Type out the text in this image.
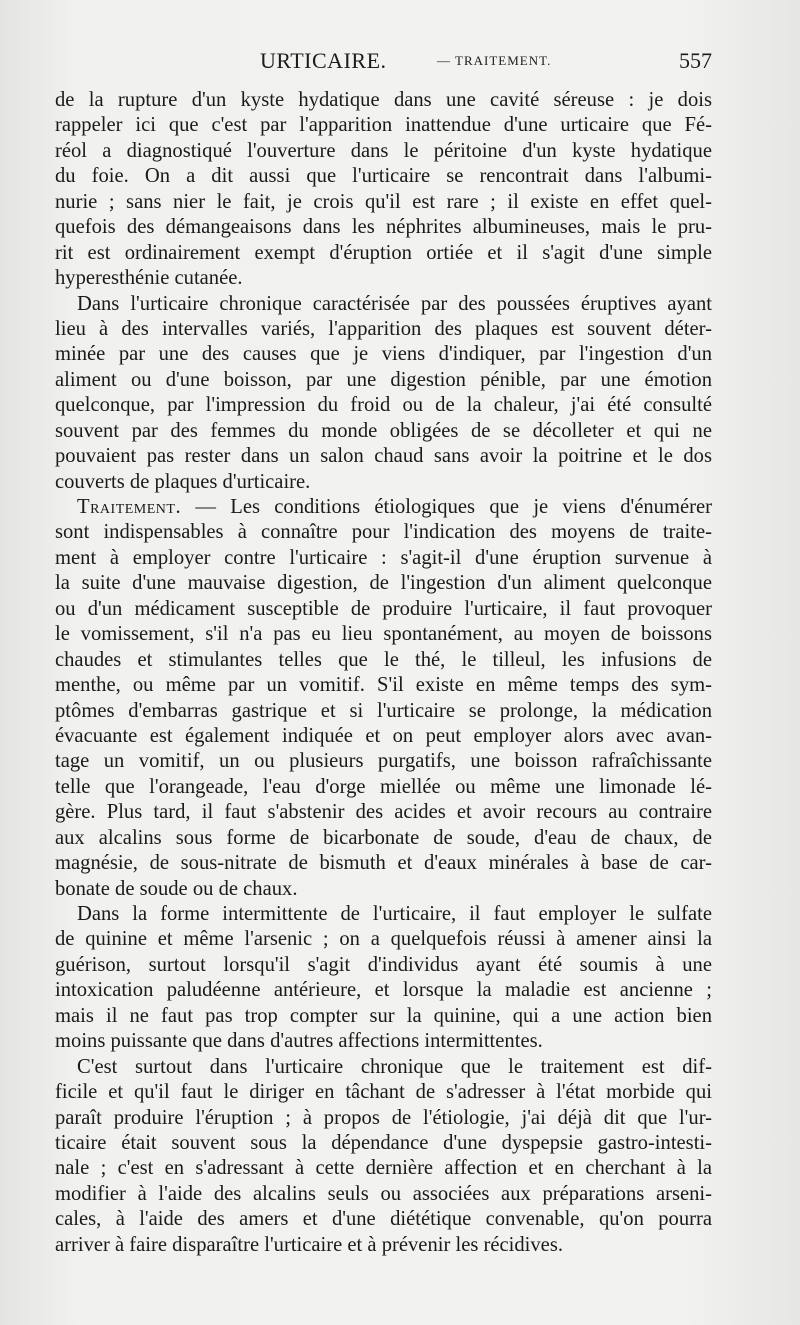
URTICAIRE.	— TRAITEMENT.	557

de la rupture d'un kyste hydatique dans une cavité séreuse : je dois
rappeler ici que c'est par l'apparition inattendue d'une urticaire que Fé-
réol a diagnostiqué l'ouverture dans le péritoine d'un kyste hydatique
du foie. On a dit aussi que l'urticaire se rencontrait dans l'albumi-
nurie ; sans nier le fait, je crois qu'il est rare ; il existe en effet quel-
quefois des démangeaisons dans les néphrites albumineuses, mais le pru-
rit est ordinairement exempt d'éruption ortiée et il s'agit d'une simple
hyperesthénie cutanée.

Dans l'urticaire chronique caractérisée par des poussées éruptives ayant
lieu à des intervalles variés, l'apparition des plaques est souvent déter-
minée par une des causes que je viens d'indiquer, par l'ingestion d'un
aliment ou d'une boisson, par une digestion pénible, par une émotion
quelconque, par l'impression du froid ou de la chaleur, j'ai été consulté
souvent par des femmes du monde obligées de se décolleter et qui ne
pouvaient pas rester dans un salon chaud sans avoir la poitrine et le dos
couverts de plaques d'urticaire.

Traitement. — Les conditions étiologiques que je viens d'énumérer
sont indispensables à connaître pour l'indication des moyens de traite-
ment à employer contre l'urticaire : s'agit-il d'une éruption survenue à
la suite d'une mauvaise digestion, de l'ingestion d'un aliment quelconque
ou d'un médicament susceptible de produire l'urticaire, il faut provoquer
le vomissement, s'il n'a pas eu lieu spontanément, au moyen de boissons
chaudes et stimulantes telles que le thé, le tilleul, les infusions de
menthe, ou même par un vomitif. S'il existe en même temps des sym-
ptômes d'embarras gastrique et si l'urticaire se prolonge, la médication
évacuante est également indiquée et on peut employer alors avec avan-
tage un vomitif, un ou plusieurs purgatifs, une boisson rafraîchissante
telle que l'orangeade, l'eau d'orge miellée ou même une limonade lé-
gère. Plus tard, il faut s'abstenir des acides et avoir recours au contraire
aux alcalins sous forme de bicarbonate de soude, d'eau de chaux, de
magnésie, de sous-nitrate de bismuth et d'eaux minérales à base de car-
bonate de soude ou de chaux.

Dans la forme intermittente de l'urticaire, il faut employer le sulfate
de quinine et même l'arsenic ; on a quelquefois réussi à amener ainsi la
guérison, surtout lorsqu'il s'agit d'individus ayant été soumis à une
intoxication paludéenne antérieure, et lorsque la maladie est ancienne ;
mais il ne faut pas trop compter sur la quinine, qui a une action bien
moins puissante que dans d'autres affections intermittentes.

C'est surtout dans l'urticaire chronique que le traitement est dif-
ficile et qu'il faut le diriger en tâchant de s'adresser à l'état morbide qui
paraît produire l'éruption ; à propos de l'étiologie, j'ai déjà dit que l'ur-
ticaire était souvent sous la dépendance d'une dyspepsie gastro-intesti-
nale ; c'est en s'adressant à cette dernière affection et en cherchant à la
modifier à l'aide des alcalins seuls ou associées aux préparations arseni-
cales, à l'aide des amers et d'une diététique convenable, qu'on pourra
arriver à faire disparaître l'urticaire et à prévenir les récidives.
